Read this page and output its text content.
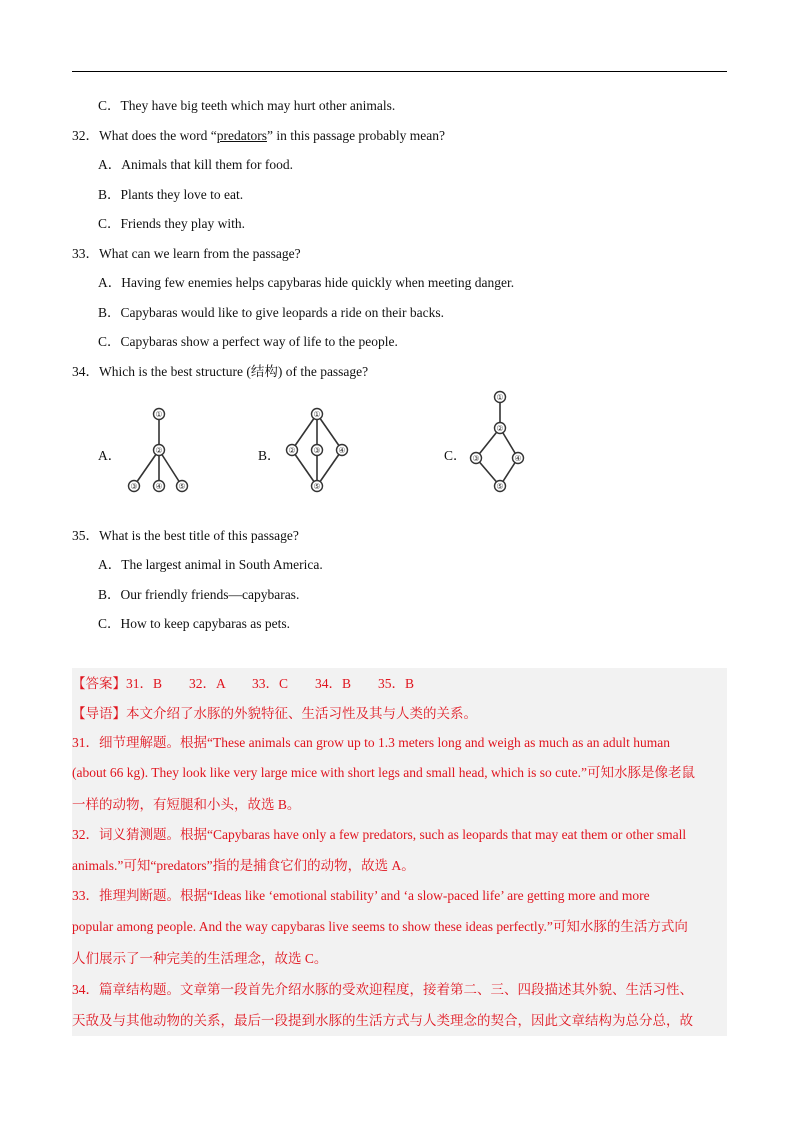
C．They have big teeth which may hurt other animals.
32．What does the word “predators” in this passage probably mean?
A．Animals that kill them for food.
B．Plants they love to eat.
C．Friends they play with.
33．What can we learn from the passage?
A．Having few enemies helps capybaras hide quickly when meeting danger.
B．Capybaras would like to give leopards a ride on their backs.
C．Capybaras show a perfect way of life to the people.
34．Which is the best structure (结构) of the passage?
A．	B．	C．
①
②
③ ④ ⑤
①
② ③ ④
⑤
①
②
③	④
⑤
35．What is the best title of this passage?
A．The largest animal in South America.
B．Our friendly friends—capybaras.
C．How to keep capybaras as pets.
【答案】31．B　　32．A　　33．C　　34．B　　35．B
【导语】本文介绍了水豚的外貌特征、生活习性及其与人类的关系。
31．细节理解题。根据“These animals can grow up to 1.3 meters long and weigh as much as an adult human
(about 66 kg). They look like very large mice with short legs and small head, which is so cute.”可知水豚是像老鼠
一样的动物，有短腿和小头，故选 B。
32．词义猜测题。根据“Capybaras have only a few predators, such as leopards that may eat them or other small
animals.”可知“predators”指的是捕食它们的动物，故选 A。
33．推理判断题。根据“Ideas like ‘emotional stability’ and ‘a slow-paced life’ are getting more and more
popular among people. And the way capybaras live seems to show these ideas perfectly.”可知水豚的生活方式向
人们展示了一种完美的生活理念，故选 C。
34．篇章结构题。文章第一段首先介绍水豚的受欢迎程度，接着第二、三、四段描述其外貌、生活习性、
天敌及与其他动物的关系，最后一段提到水豚的生活方式与人类理念的契合，因此文章结构为总分总，故
